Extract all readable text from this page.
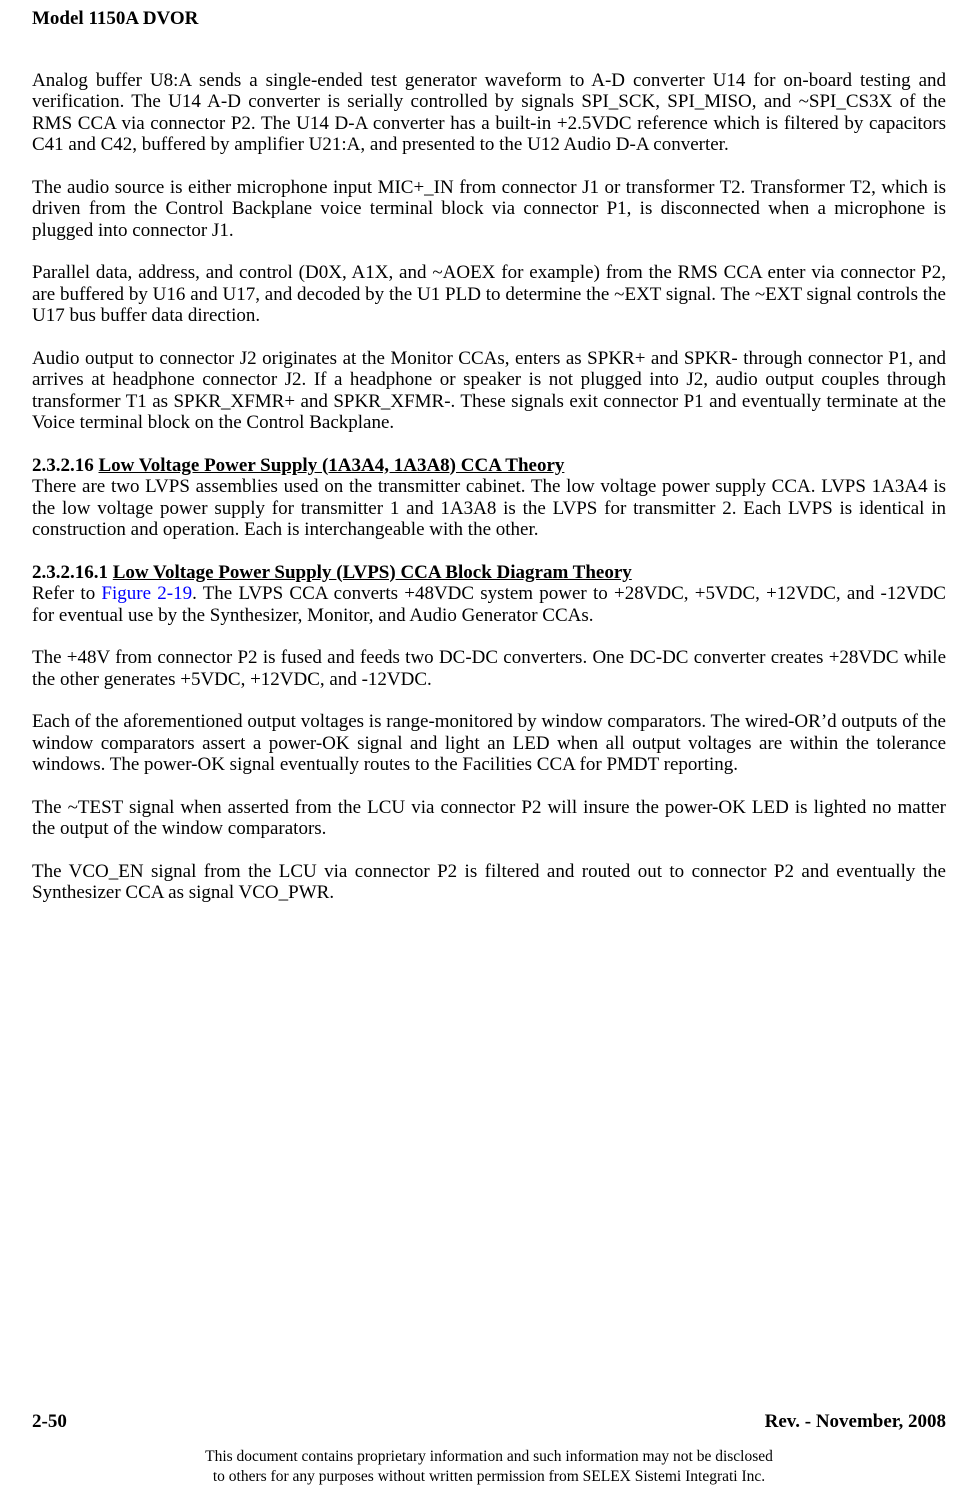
Model 1150A DVOR

Analog buffer U8:A sends a single-ended test generator waveform to A-D converter U14 for on-board testing and verification. The U14 A-D converter is serially controlled by signals SPI_SCK, SPI_MISO, and ~SPI_CS3X of the RMS CCA via connector P2. The U14 D-A converter has a built-in +2.5VDC reference which is filtered by capacitors C41 and C42, buffered by amplifier U21:A, and presented to the U12 Audio D-A converter.

The audio source is either microphone input MIC+_IN from connector J1 or transformer T2. Transformer T2, which is driven from the Control Backplane voice terminal block via connector P1, is disconnected when a microphone is plugged into connector J1.

Parallel data, address, and control (D0X, A1X, and ~AOEX for example) from the RMS CCA enter via connector P2, are buffered by U16 and U17, and decoded by the U1 PLD to determine the ~EXT signal. The ~EXT signal controls the U17 bus buffer data direction.

Audio output to connector J2 originates at the Monitor CCAs, enters as SPKR+ and SPKR- through connector P1, and arrives at headphone connector J2. If a headphone or speaker is not plugged into J2, audio output couples through transformer T1 as SPKR_XFMR+ and SPKR_XFMR-. These signals exit connector P1 and eventually terminate at the Voice terminal block on the Control Backplane.

2.3.2.16 Low Voltage Power Supply (1A3A4, 1A3A8) CCA Theory

There are two LVPS assemblies used on the transmitter cabinet. The low voltage power supply CCA. LVPS 1A3A4 is the low voltage power supply for transmitter 1 and 1A3A8 is the LVPS for transmitter 2. Each LVPS is identical in construction and operation. Each is interchangeable with the other.

2.3.2.16.1 Low Voltage Power Supply (LVPS) CCA Block Diagram Theory

Refer to Figure 2-19. The LVPS CCA converts +48VDC system power to +28VDC, +5VDC, +12VDC, and -12VDC for eventual use by the Synthesizer, Monitor, and Audio Generator CCAs.

The +48V from connector P2 is fused and feeds two DC-DC converters. One DC-DC converter creates +28VDC while the other generates +5VDC, +12VDC, and -12VDC.

Each of the aforementioned output voltages is range-monitored by window comparators. The wired-OR’d outputs of the window comparators assert a power-OK signal and light an LED when all output voltages are within the tolerance windows. The power-OK signal eventually routes to the Facilities CCA for PMDT reporting.

The ~TEST signal when asserted from the LCU via connector P2 will insure the power-OK LED is lighted no matter the output of the window comparators.

The VCO_EN signal from the LCU via connector P2 is filtered and routed out to connector P2 and eventually the Synthesizer CCA as signal VCO_PWR.

2-50	Rev. - November, 2008
This document contains proprietary information and such information may not be disclosed
to others for any purposes without written permission from SELEX Sistemi Integrati Inc.
